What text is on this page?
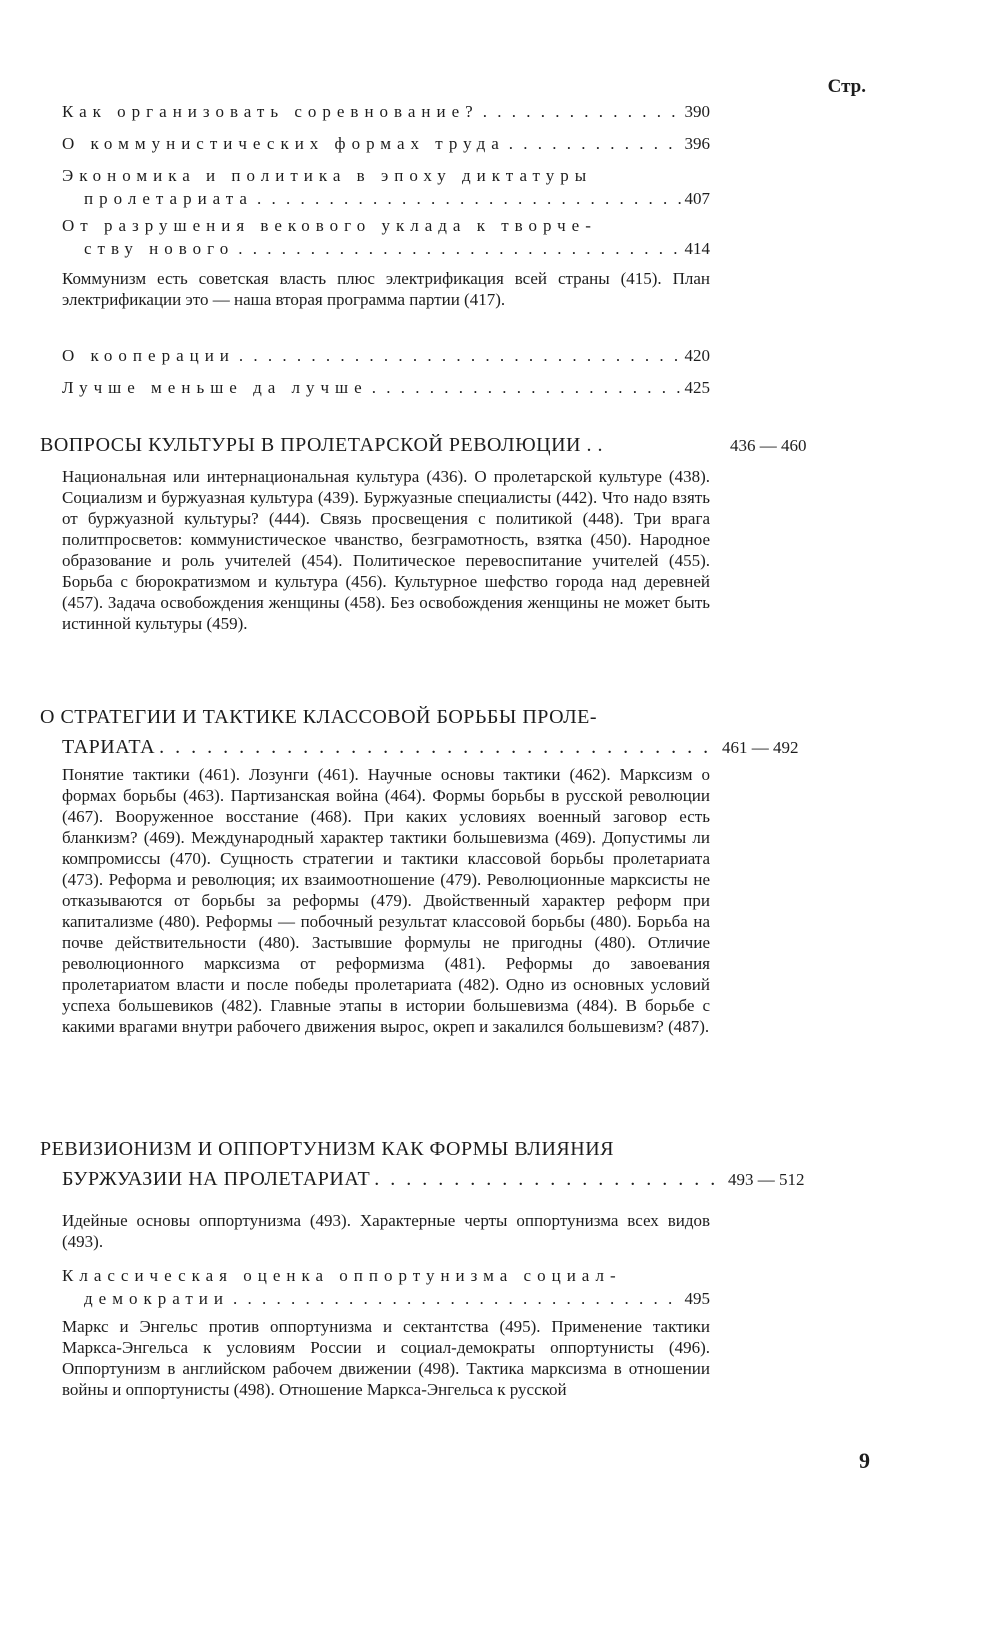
Стр.
Как организовать соревнование? . . .	390
О коммунистических формах труда . . .	396
Экономика и политика в эпоху диктатуры
пролетариата . . .	407
От разрушения векового уклада к творче-
ству нового . . .	414
Коммунизм есть советская власть плюс электрификация всей страны (415). План электрификации это — наша вторая программа партии (417).
О кооперации . . .	420
Лучше меньше да лучше . . .	425
ВОПРОСЫ КУЛЬТУРЫ В ПРОЛЕТАРСКОЙ РЕВОЛЮЦИИ . .	436 — 460
Национальная или интернациональная культура (436). О пролетарской культуре (438). Социализм и буржуазная культура (439). Буржуазные специалисты (442). Что надо взять от буржуазной культуры? (444). Связь просвещения с политикой (448). Три врага политпросветов: коммунистическое чванство, безграмотность, взятка (450). Народное образование и роль учителей (454). Политическое перевоспитание учителей (455). Борьба с бюрократизмом и культура (456). Культурное шефство города над деревней (457). Задача освобождения женщины (458). Без освобождения женщины не может быть истинной культуры (459).
О СТРАТЕГИИ И ТАКТИКЕ КЛАССОВОЙ БОРЬБЫ ПРОЛЕ-
ТАРИАТА . . .	461 — 492
Понятие тактики (461). Лозунги (461). Научные основы тактики (462). Марксизм о формах борьбы (463). Партизанская война (464). Формы борьбы в русской революции (467). Вооруженное восстание (468). При каких условиях военный заговор есть бланкизм? (469). Международный характер тактики большевизма (469). Допустимы ли компромиссы (470). Сущность стратегии и тактики классовой борьбы пролетариата (473). Реформа и революция; их взаимоотношение (479). Революционные марксисты не отказываются от борьбы за реформы (479). Двойственный характер реформ при капитализме (480). Реформы — побочный результат классовой борьбы (480). Борьба на почве действительности (480). Застывшие формулы не пригодны (480). Отличие революционного марксизма от реформизма (481). Реформы до завоевания пролетариатом власти и после победы пролетариата (482). Одно из основных условий успеха большевиков (482). Главные этапы в истории большевизма (484). В борьбе с какими врагами внутри рабочего движения вырос, окреп и закалился большевизм? (487).
РЕВИЗИОНИЗМ И ОППОРТУНИЗМ КАК ФОРМЫ ВЛИЯНИЯ
БУРЖУАЗИИ НА ПРОЛЕТАРИАТ . . .	493 — 512
Идейные основы оппортунизма (493). Характерные черты оппортунизма всех видов (493).
Классическая оценка оппортунизма социал-
демократии . . .	495
Маркс и Энгельс против оппортунизма и сектантства (495). Применение тактики Маркса-Энгельса к условиям России и социал-демократы оппортунисты (496). Оппортунизм в английском рабочем движении (498). Тактика марксизма в отношении войны и оппортунисты (498). Отношение Маркса-Энгельса к русской
9
